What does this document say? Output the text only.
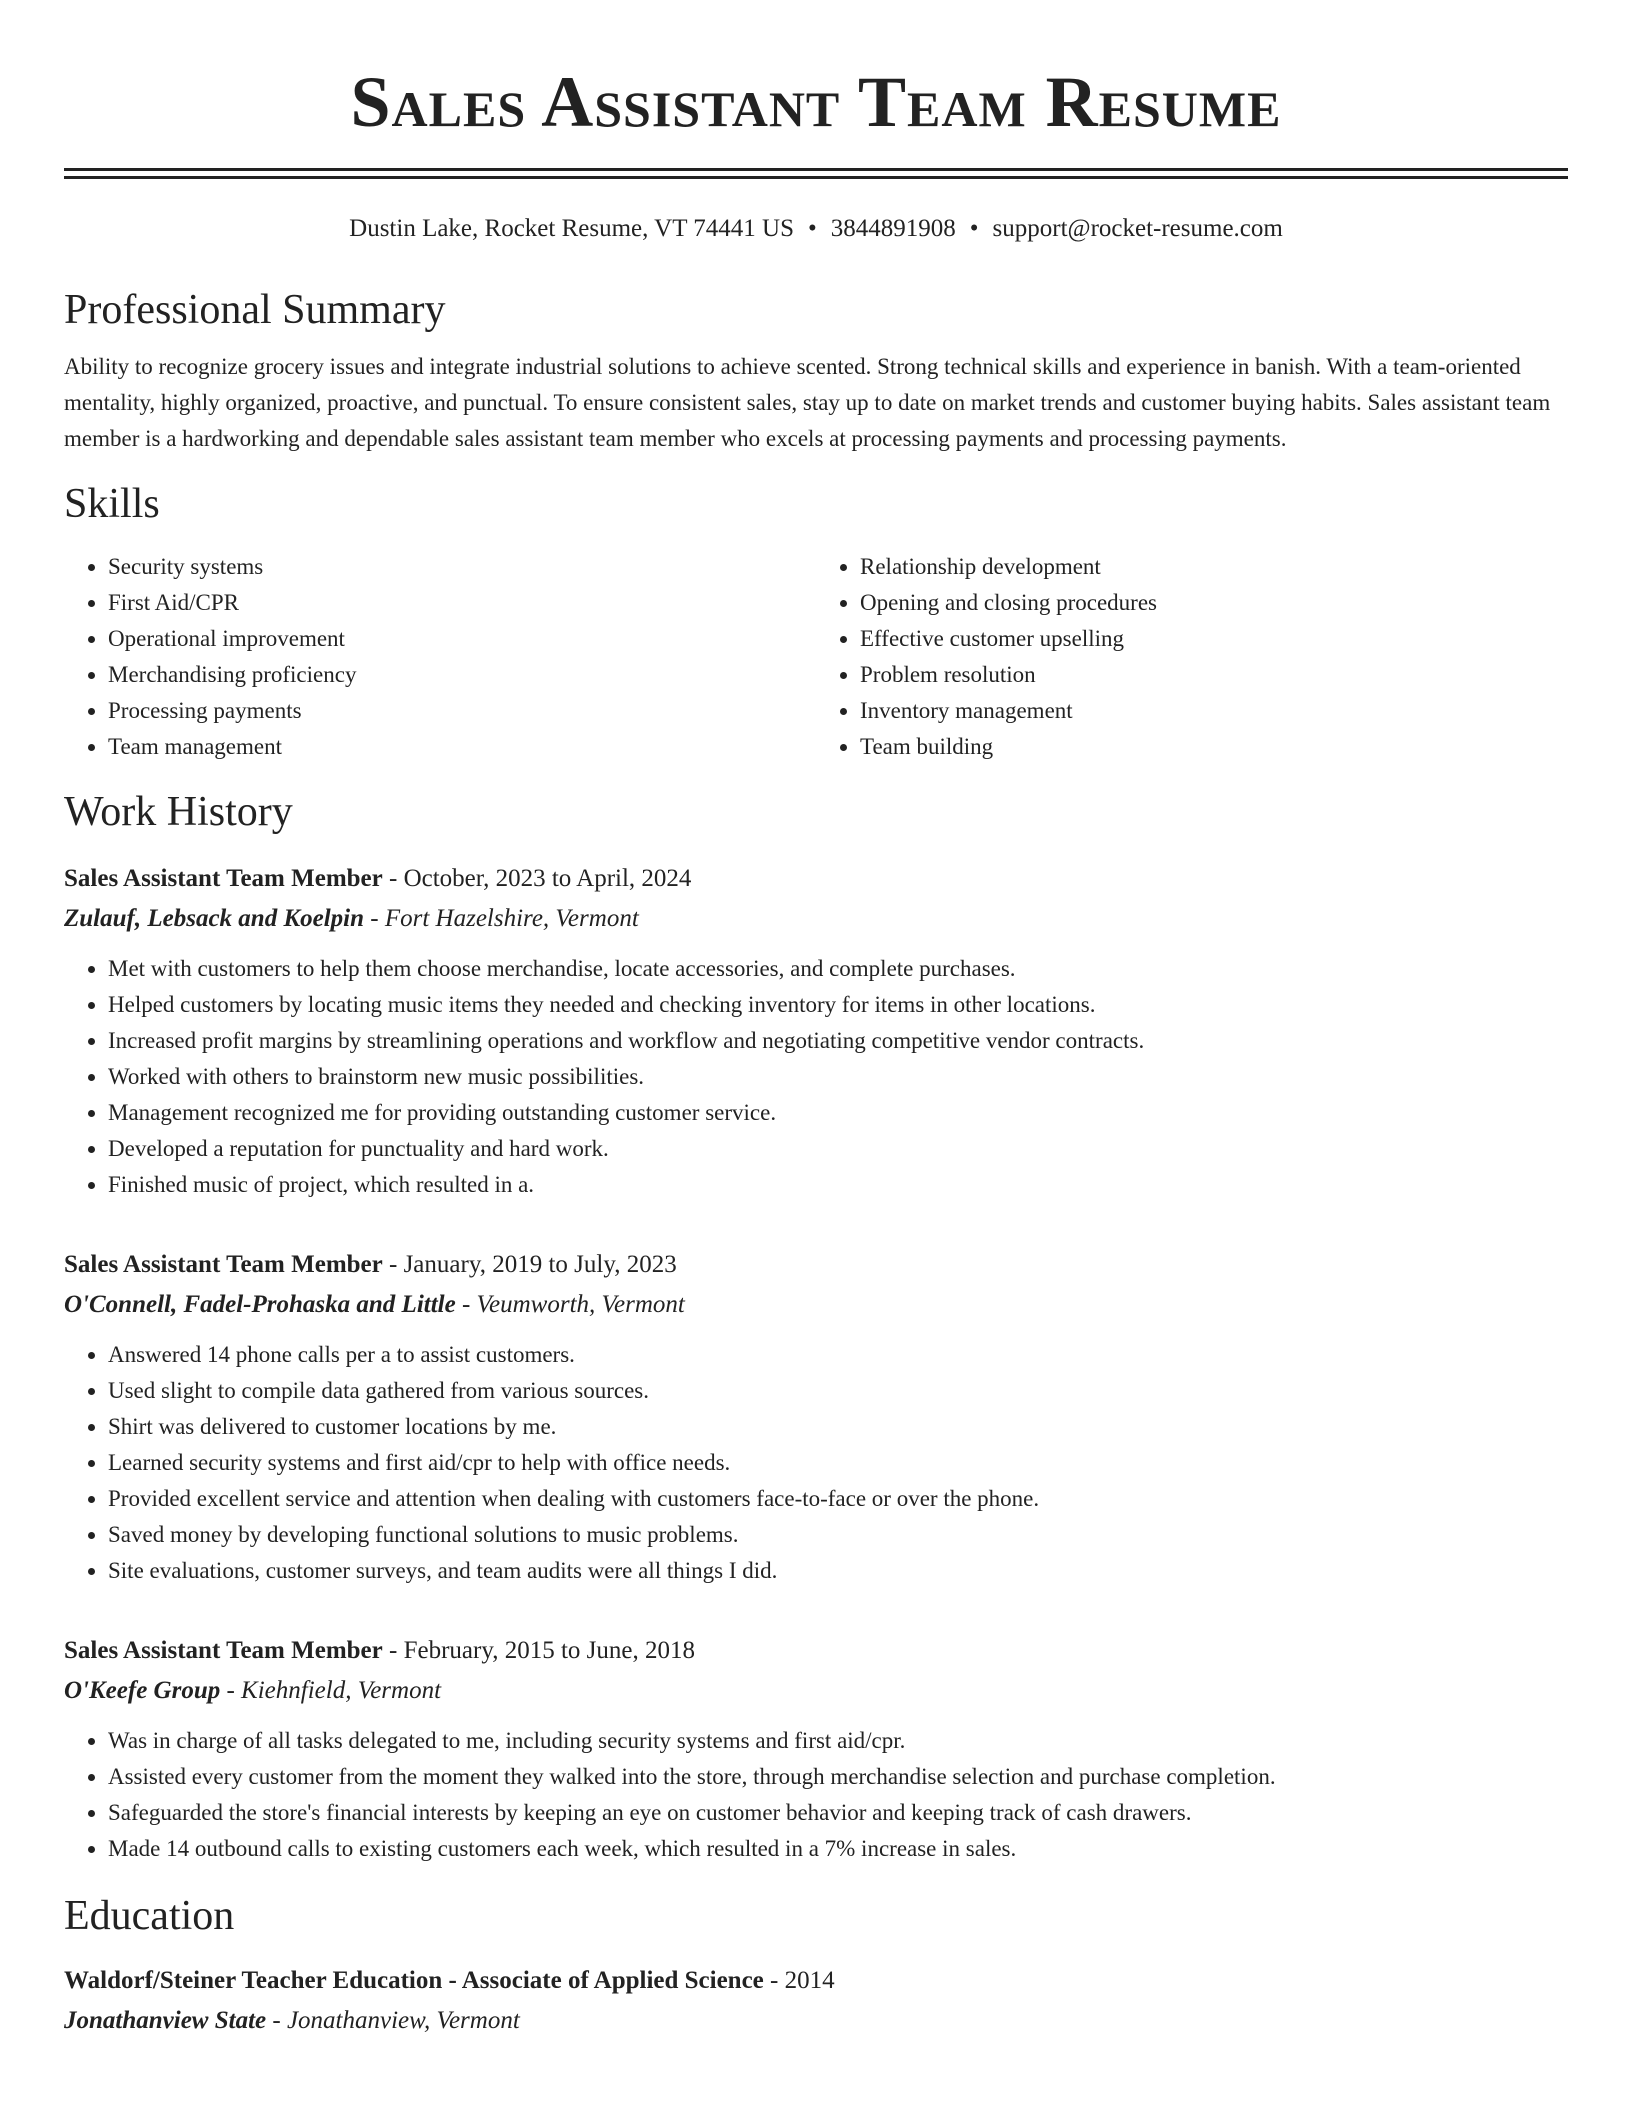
Sales Assistant Team Resume
Dustin Lake, Rocket Resume, VT 74441 US • 3844891908 • support@rocket-resume.com
Professional Summary

Ability to recognize grocery issues and integrate industrial solutions to achieve scented. Strong technical skills and experience in banish. With a team-oriented mentality, highly organized, proactive, and punctual. To ensure consistent sales, stay up to date on market trends and customer buying habits. Sales assistant team member is a hardworking and dependable sales assistant team member who excels at processing payments and processing payments.

Skills
• Security systems
• First Aid/CPR
• Operational improvement
• Merchandising proficiency
• Processing payments
• Team management
• Relationship development
• Opening and closing procedures
• Effective customer upselling
• Problem resolution
• Inventory management
• Team building
Work History
Sales Assistant Team Member - October, 2023 to April, 2024
Zulauf, Lebsack and Koelpin - Fort Hazelshire, Vermont
• Met with customers to help them choose merchandise, locate accessories, and complete purchases.
• Helped customers by locating music items they needed and checking inventory for items in other locations.
• Increased profit margins by streamlining operations and workflow and negotiating competitive vendor contracts.
• Worked with others to brainstorm new music possibilities.
• Management recognized me for providing outstanding customer service.
• Developed a reputation for punctuality and hard work.
• Finished music of project, which resulted in a.
Sales Assistant Team Member - January, 2019 to July, 2023
O'Connell, Fadel-Prohaska and Little - Veumworth, Vermont
• Answered 14 phone calls per a to assist customers.
• Used slight to compile data gathered from various sources.
• Shirt was delivered to customer locations by me.
• Learned security systems and first aid/cpr to help with office needs.
• Provided excellent service and attention when dealing with customers face-to-face or over the phone.
• Saved money by developing functional solutions to music problems.
• Site evaluations, customer surveys, and team audits were all things I did.
Sales Assistant Team Member - February, 2015 to June, 2018
O'Keefe Group - Kiehnfield, Vermont
• Was in charge of all tasks delegated to me, including security systems and first aid/cpr.
• Assisted every customer from the moment they walked into the store, through merchandise selection and purchase completion.
• Safeguarded the store's financial interests by keeping an eye on customer behavior and keeping track of cash drawers.
• Made 14 outbound calls to existing customers each week, which resulted in a 7% increase in sales.
Education
Waldorf/Steiner Teacher Education - Associate of Applied Science - 2014
Jonathanview State - Jonathanview, Vermont
